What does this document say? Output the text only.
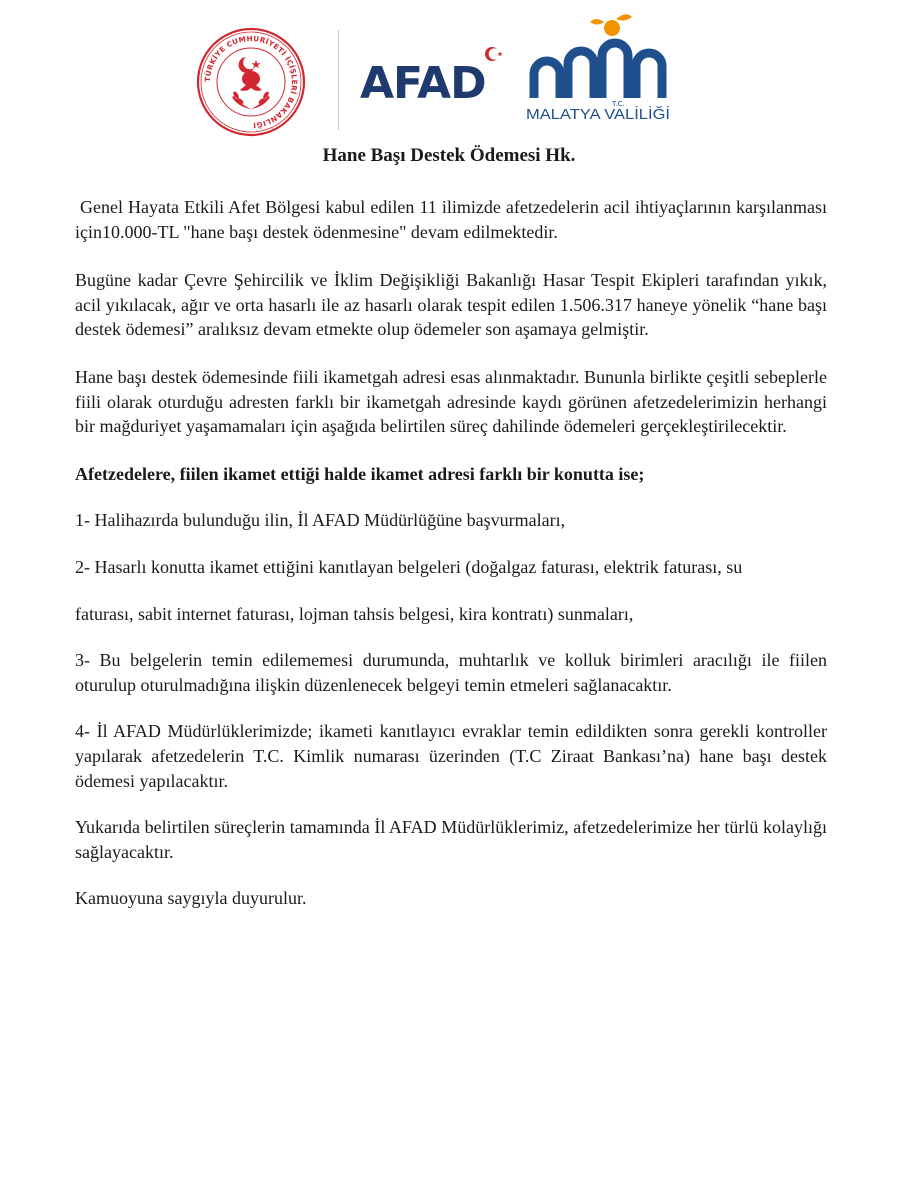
TÜRKİYE CUMHURİYETİ İÇİŞLERİ BAKANLIĞI
AFAD	T.C.
MALATYA VALİLİĞİ
Hane Başı Destek Ödemesi Hk.

Genel Hayata Etkili Afet Bölgesi kabul edilen 11 ilimizde afetzedelerin acil ihtiyaçlarının karşılanması için10.000-TL "hane başı destek ödenmesine" devam edilmektedir.

Bugüne kadar Çevre Şehircilik ve İklim Değişikliği Bakanlığı Hasar Tespit Ekipleri tarafından yıkık, acil yıkılacak, ağır ve orta hasarlı ile az hasarlı olarak tespit edilen 1.506.317 haneye yönelik “hane başı destek ödemesi” aralıksız devam etmekte olup ödemeler son aşamaya gelmiştir.

Hane başı destek ödemesinde fiili ikametgah adresi esas alınmaktadır. Bununla birlikte çeşitli sebeplerle fiili olarak oturduğu adresten farklı bir ikametgah adresinde kaydı görünen afetzedelerimizin herhangi bir mağduriyet yaşamamaları için aşağıda belirtilen süreç dahilinde ödemeleri gerçekleştirilecektir.

Afetzedelere, fiilen ikamet ettiği halde ikamet adresi farklı bir konutta ise;

1- Halihazırda bulunduğu ilin, İl AFAD Müdürlüğüne başvurmaları,

2- Hasarlı konutta ikamet ettiğini kanıtlayan belgeleri (doğalgaz faturası, elektrik faturası, su

faturası, sabit internet faturası, lojman tahsis belgesi, kira kontratı) sunmaları,

3- Bu belgelerin temin edilememesi durumunda, muhtarlık ve kolluk birimleri aracılığı ile fiilen oturulup oturulmadığına ilişkin düzenlenecek belgeyi temin etmeleri sağlanacaktır.

4- İl AFAD Müdürlüklerimizde; ikameti kanıtlayıcı evraklar temin edildikten sonra gerekli kontroller yapılarak afetzedelerin T.C. Kimlik numarası üzerinden (T.C Ziraat Bankası’na) hane başı destek ödemesi yapılacaktır.

Yukarıda belirtilen süreçlerin tamamında İl AFAD Müdürlüklerimiz, afetzedelerimize her türlü kolaylığı sağlayacaktır.

Kamuoyuna saygıyla duyurulur.
